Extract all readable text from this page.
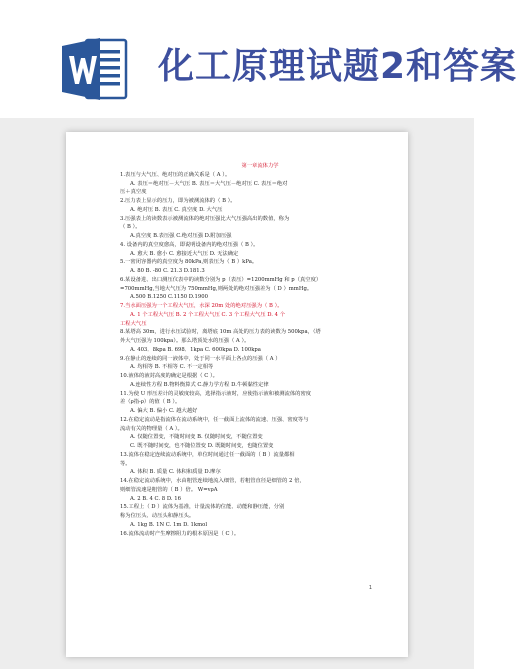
化工原理试题2和答案
第一章流体力学
1.表压与大气压、绝对压的正确关系是（ A ）。
A. 表压＝绝对压－大气压 B. 表压＝大气压－绝对压 C. 表压＝绝对
压＋真空度
2.压力表上显示的压力，即为被测流体的（ B ）。
A. 绝对压 B. 表压 C. 真空度 D. 大气压
3.压强表上的读数表示被测流体的绝对压强比大气压强高出的数值，称为
（ B ）。
A.真空度 B.表压强 C.绝对压强 D.附加压强
4. 设备内的真空度愈高，即说明设备内的绝对压强（ B ）。
A. 愈大 B. 愈小 C. 愈接近大气压 D. 无法确定
5.一密闭容器内的真空度为 80kPa,则表压为（ B ）kPa。
A. 80 B. -80 C. 21.3 D.181.3
6.某设备进、出口测压仪表中的读数分别为 p（表压）=1200mmHg 和 p（真空度）
=700mmHg,当地大气压为 750mmHg,则两处的绝对压强差为（ D ）mmHg。
A.500 B.1250 C.1150 D.1900
7.当水面压强为一个工程大气压，水深 20m 处的绝对压强为（ B ）。
A. 1 个工程大气压 B. 2 个工程大气压 C. 3 个工程大气压 D. 4 个
工程大气压
8.某塔高 30m，进行水压试验时，离塔底 10m 高处的压力表的读数为 500kpa，（塔
外大气压强为 100kpa）。那么塔顶处水的压强（ A ）。
A. 403．8kpa B. 698．1kpa C. 600kpa D. 100kpa
9.在静止的连续的同一液体中，处于同一水平面上各点的压强（ A ）
A. 均相等 B. 不相等 C. 不一定相等
10.液体的液封高度的确定是根据（ C ）。
A.连续性方程 B.物料衡算式 C.静力学方程 D.牛顿黏性定律
11.为使 U 形压差计的灵敏度较高，选择指示液时，应使指示液和被测流体的密度
差（ρ指-ρ）的值（ B ）。
A. 偏大 B. 偏小 C. 越大越好
12.在稳定流动是指流体在流动系统中，任一截面上流体的流速、压强、密度等与
流动有关的物理量（ A ）。
A. 仅随位置变，不随时间变 B. 仅随时间变，不随位置变
C. 既不随时间变，也不随位置变 D. 既随时间变，也随位置变
13.流体在稳定连续流动系统中，单位时间通过任一截面的（ B ）流量都相
等。
A. 体积 B. 质量 C. 体积和质量 D.摩尔
14.在稳定流动系统中，水由粗管连续地流入细管，若粗管直径是细管的 2 倍，
则细管流速是粗管的（ B ）倍。 W=vρA
A. 2 B. 4 C. 8 D. 16
15.工程上（ D ）流体为基准，计量流体的位能、动能和静压能，分别
称为位压头、动压头和静压头。
A. 1kg B. 1N C. 1m D. 1kmol
16.流体流动时产生摩擦阻力的根本原因是（ C ）。
1
